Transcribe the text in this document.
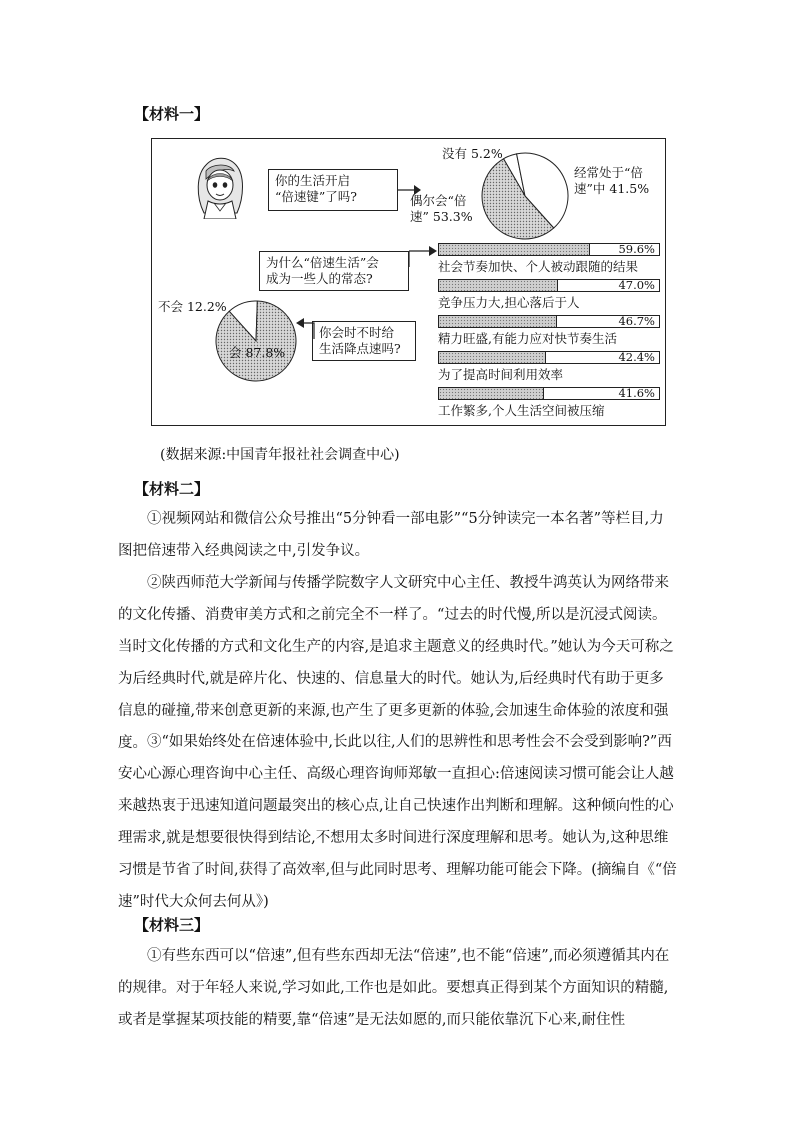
【材料一】
你的生活开启
“倍速键”了吗?
没有 5.2%
经常处于“倍
速”中 41.5%
偶尔会“倍
速” 53.3%
为什么“倍速生活”会
成为一些人的常态?
59.6%
社会节奏加快、个人被动跟随的结果
47.0%
竞争压力大,担心落后于人
46.7%
精力旺盛,有能力应对快节奏生活
42.4%
为了提高时间利用效率
41.6%
工作繁多,个人生活空间被压缩
不会 12.2%
会 87.8%
你会时不时给
生活降点速吗?
(数据来源:中国青年报社社会调查中心)
【材料二】

①视频网站和微信公众号推出“5分钟看一部电影”“5分钟读完一本名著”等栏目,力图把倍速带入经典阅读之中,引发争议。

②陕西师范大学新闻与传播学院数字人文研究中心主任、教授牛鸿英认为网络带来的文化传播、消费审美方式和之前完全不一样了。“过去的时代慢,所以是沉浸式阅读。当时文化传播的方式和文化生产的内容,是追求主题意义的经典时代。”她认为今天可称之为后经典时代,就是碎片化、快速的、信息量大的时代。她认为,后经典时代有助于更多信息的碰撞,带来创意更新的来源,也产生了更多更新的体验,会加速生命体验的浓度和强度。 ③“如果始终处在倍速体验中,长此以往,人们的思辨性和思考性会不会受到影响?”西安心心源心理咨询中心主任、高级心理咨询师郑敏一直担心:倍速阅读习惯可能会让人越来越热衷于迅速知道问题最突出的核心点,让自己快速作出判断和理解。这种倾向性的心理需求,就是想要很快得到结论,不想用太多时间进行深度理解和思考。她认为,这种思维习惯是节省了时间,获得了高效率,但与此同时思考、理解功能可能会下降。(摘编自《“倍速”时代大众何去何从》)

【材料三】

①有些东西可以“倍速”,但有些东西却无法“倍速”,也不能“倍速”,而必须遵循其内在的规律。对于年轻人来说,学习如此,工作也是如此。要想真正得到某个方面知识的精髓,或者是掌握某项技能的精要,靠“倍速”是无法如愿的,而只能依靠沉下心来,耐住性
